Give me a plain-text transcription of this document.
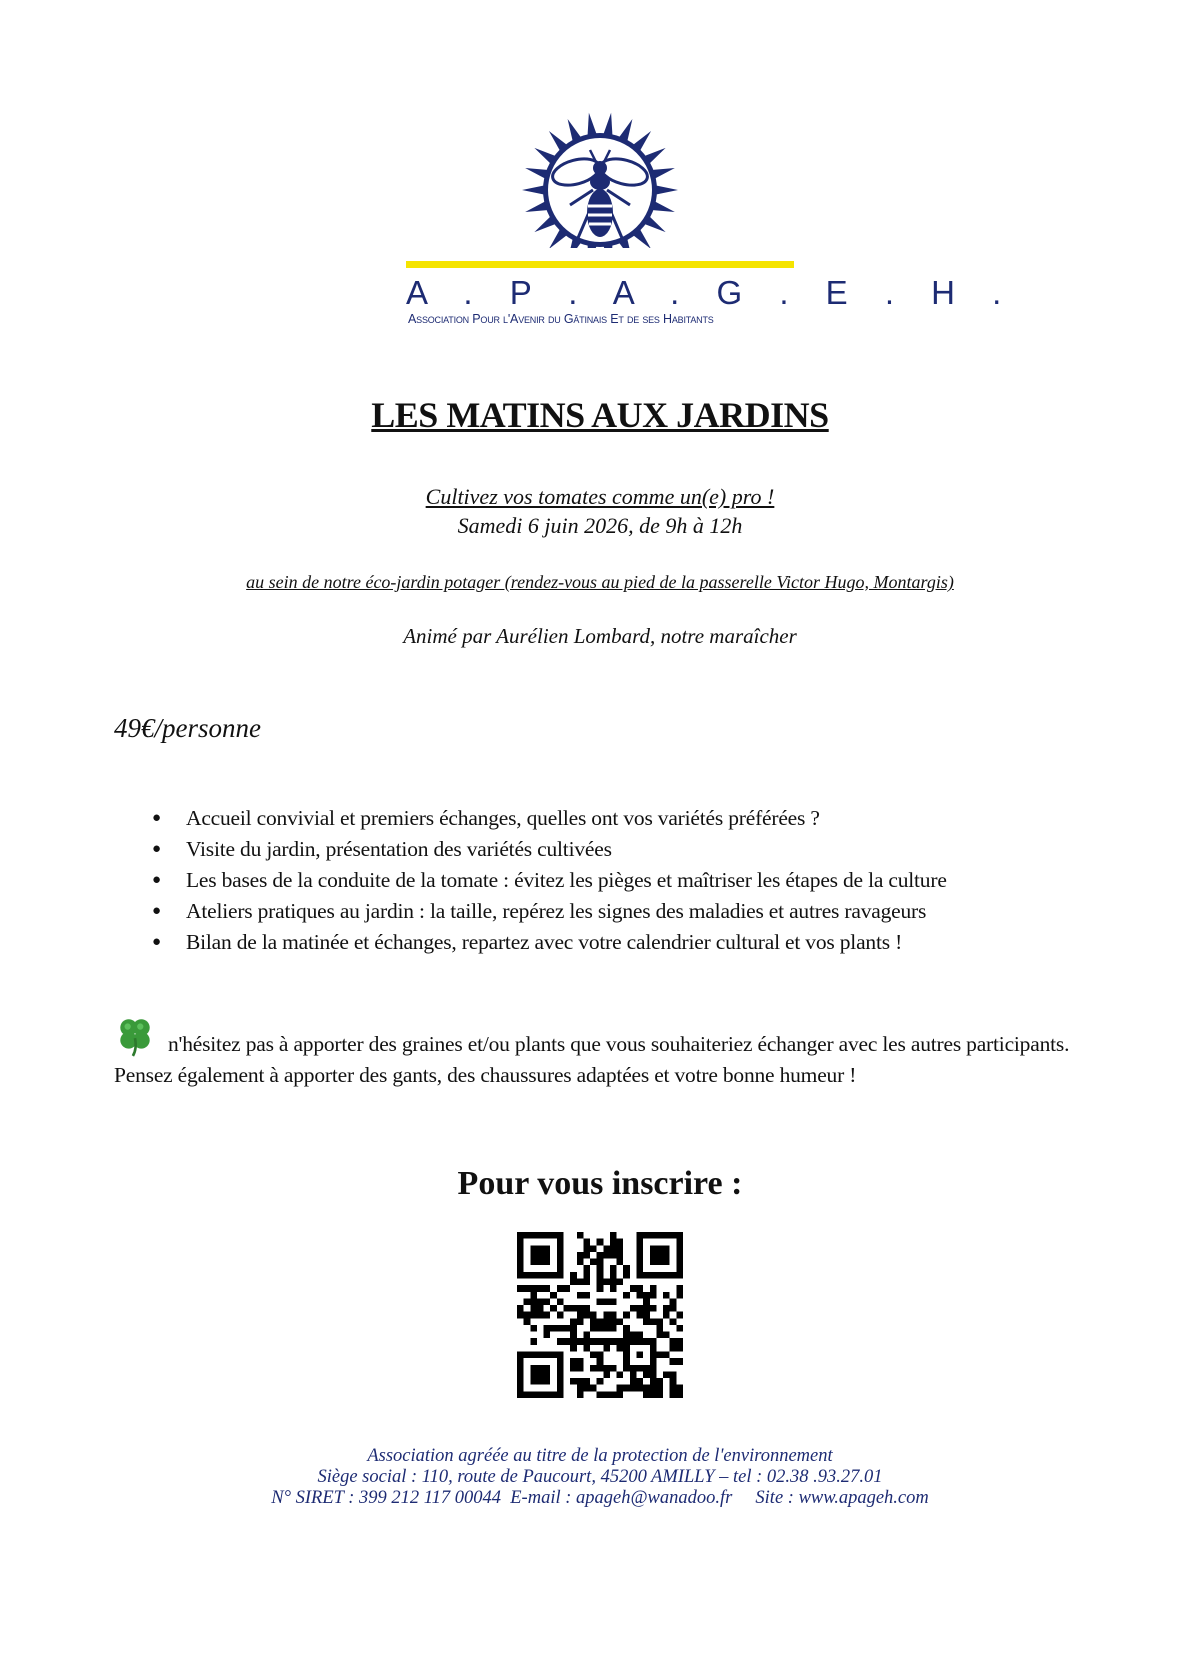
A . P . A . G . E . H .
Association Pour l'Avenir du Gâtinais Et de ses Habitants
LES MATINS AUX JARDINS
Cultivez vos tomates comme un(e) pro !
Samedi 6 juin 2026, de 9h à 12h
au sein de notre éco-jardin potager (rendez-vous au pied de la passerelle Victor Hugo, Montargis)
Animé par Aurélien Lombard, notre maraîcher
49€/personne
● Accueil convivial et premiers échanges, quelles ont vos variétés préférées ?
● Visite du jardin, présentation des variétés cultivées
● Les bases de la conduite de la tomate : évitez les pièges et maîtriser les étapes de la culture
● Ateliers pratiques au jardin : la taille, repérez les signes des maladies et autres ravageurs
● Bilan de la matinée et échanges, repartez avec votre calendrier cultural et vos plants !
n'hésitez pas à apporter des graines et/ou plants que vous souhaiteriez échanger avec les autres participants. Pensez également à apporter des gants, des chaussures adaptées et votre bonne humeur !
Pour vous inscrire :
Association agréée au titre de la protection de l'environnement
Siège social : 110, route de Paucourt, 45200 AMILLY – tel : 02.38 .93.27.01
N° SIRET : 399 212 117 00044  E-mail : apageh@wanadoo.fr     Site : www.apageh.com
